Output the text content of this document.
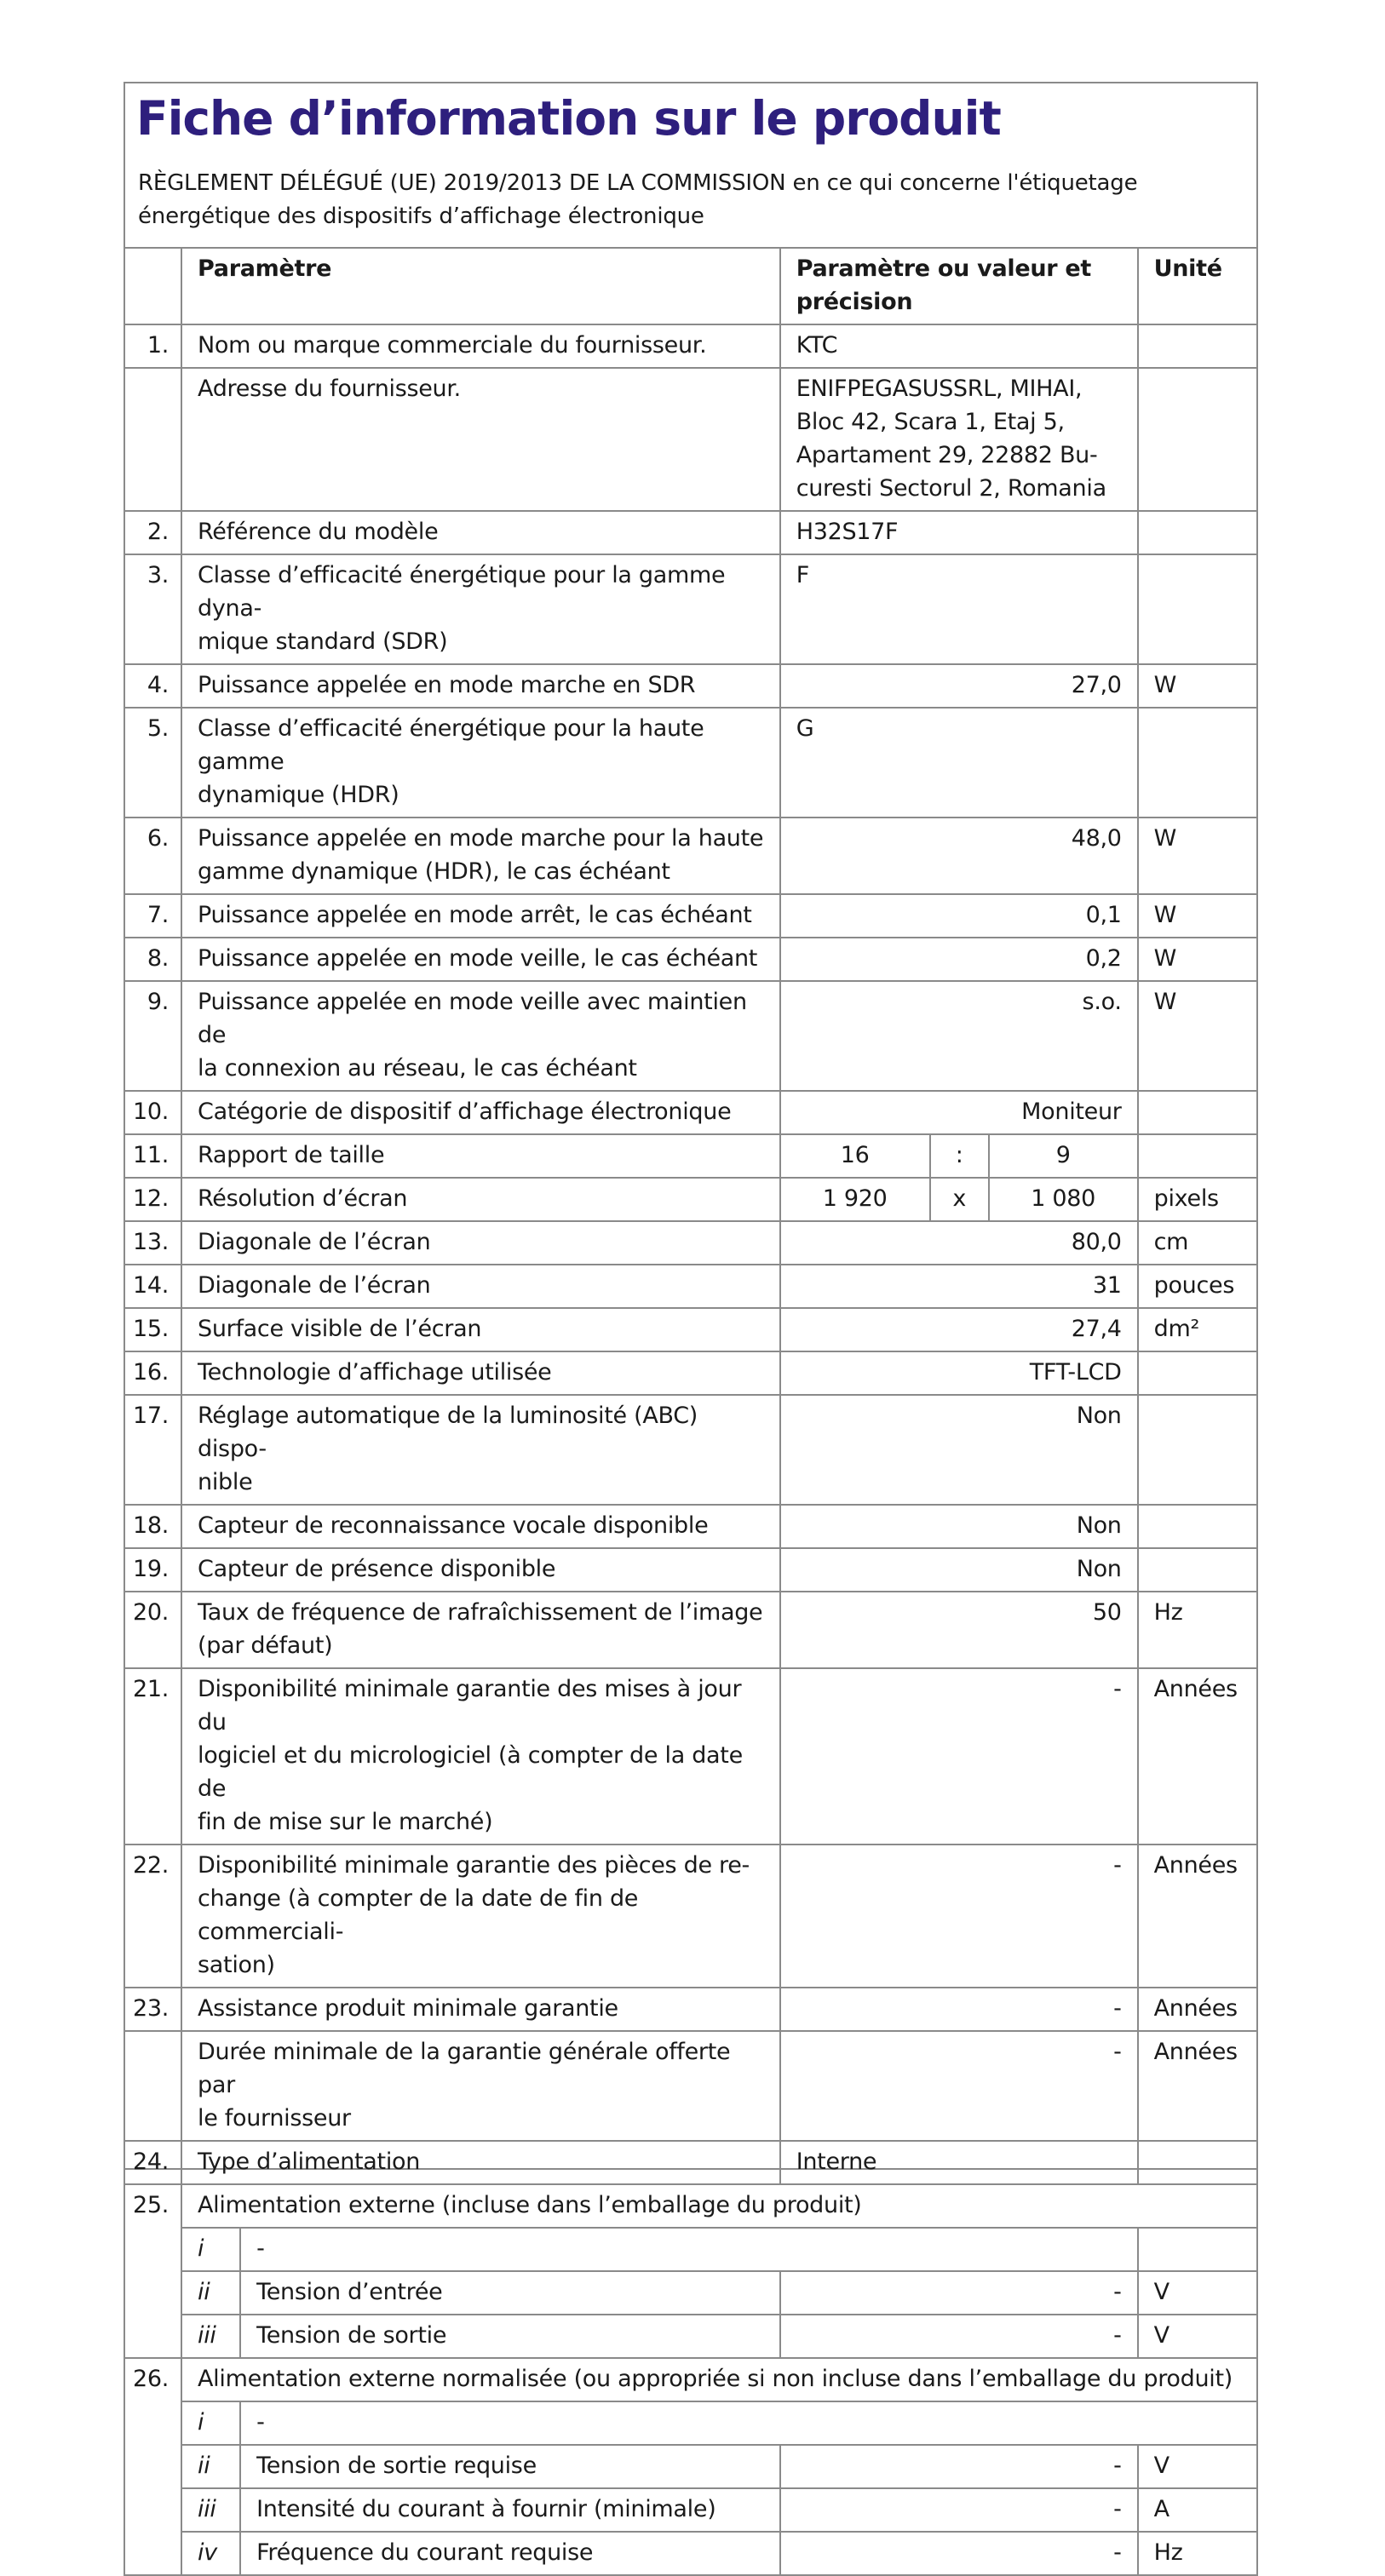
Fiche d’information sur le produit
RÈGLEMENT DÉLÉGUÉ (UE) 2019/2013 DE LA COMMISSION en ce qui concerne l'étiquetage
énergétique des dispositifs d’affichage électronique
	Paramètre		Paramètre ou valeur et
précision			Unité
1.	Nom ou marque commerciale du fournisseur.		KTC			
	Adresse du fournisseur.		ENIFPEGASUSSRL, MIHAI,
Bloc 42, Scara 1, Etaj 5,
Apartament 29, 22882 Bu-
curesti Sectorul 2, Romania			
2.	Référence du modèle		H32S17F			
3.	Classe d’efficacité énergétique pour la gamme dyna-
mique standard (SDR)		F			
4.	Puissance appelée en mode marche en SDR		27,0			W
5.	Classe d’efficacité énergétique pour la haute gamme
dynamique (HDR)		G			
6.	Puissance appelée en mode marche pour la haute
gamme dynamique (HDR), le cas échéant		48,0			W
7.	Puissance appelée en mode arrêt, le cas échéant		0,1			W
8.	Puissance appelée en mode veille, le cas échéant		0,2			W
9.	Puissance appelée en mode veille avec maintien de
la connexion au réseau, le cas échéant		s.o.			W
10.	Catégorie de dispositif d’affichage électronique		Moniteur			
11.	Rapport de taille		16	:	9	
12.	Résolution d’écran		1 920	x	1 080	pixels
13.	Diagonale de l’écran		80,0			cm
14.	Diagonale de l’écran		31			pouces
15.	Surface visible de l’écran		27,4			dm²
16.	Technologie d’affichage utilisée		TFT-LCD			
17.	Réglage automatique de la luminosité (ABC) dispo-
nible		Non			
18.	Capteur de reconnaissance vocale disponible		Non			
19.	Capteur de présence disponible		Non			
20.	Taux de fréquence de rafraîchissement de l’image
(par défaut)		50			Hz
21.	Disponibilité minimale garantie des mises à jour du
logiciel et du micrologiciel (à compter de la date de
fin de mise sur le marché)		-			Années
22.	Disponibilité minimale garantie des pièces de re-
change (à compter de la date de fin de commerciali-
sation)		-			Années
23.	Assistance produit minimale garantie		-			Années
	Durée minimale de la garantie générale offerte par
le fournisseur		-			Années
24.	Type d’alimentation		Interne			
25.	Alimentation externe (incluse dans l’emballage du produit)					
	i	-				
	ii	Tension d’entrée	-			V
	iii	Tension de sortie	-			V
26.	Alimentation externe normalisée (ou appropriée si non incluse dans l’emballage du produit)					
	i	-				
	ii	Tension de sortie requise	-			V
	iii	Intensité du courant à fournir (minimale)	-			A
	iv	Fréquence du courant requise	-			Hz
